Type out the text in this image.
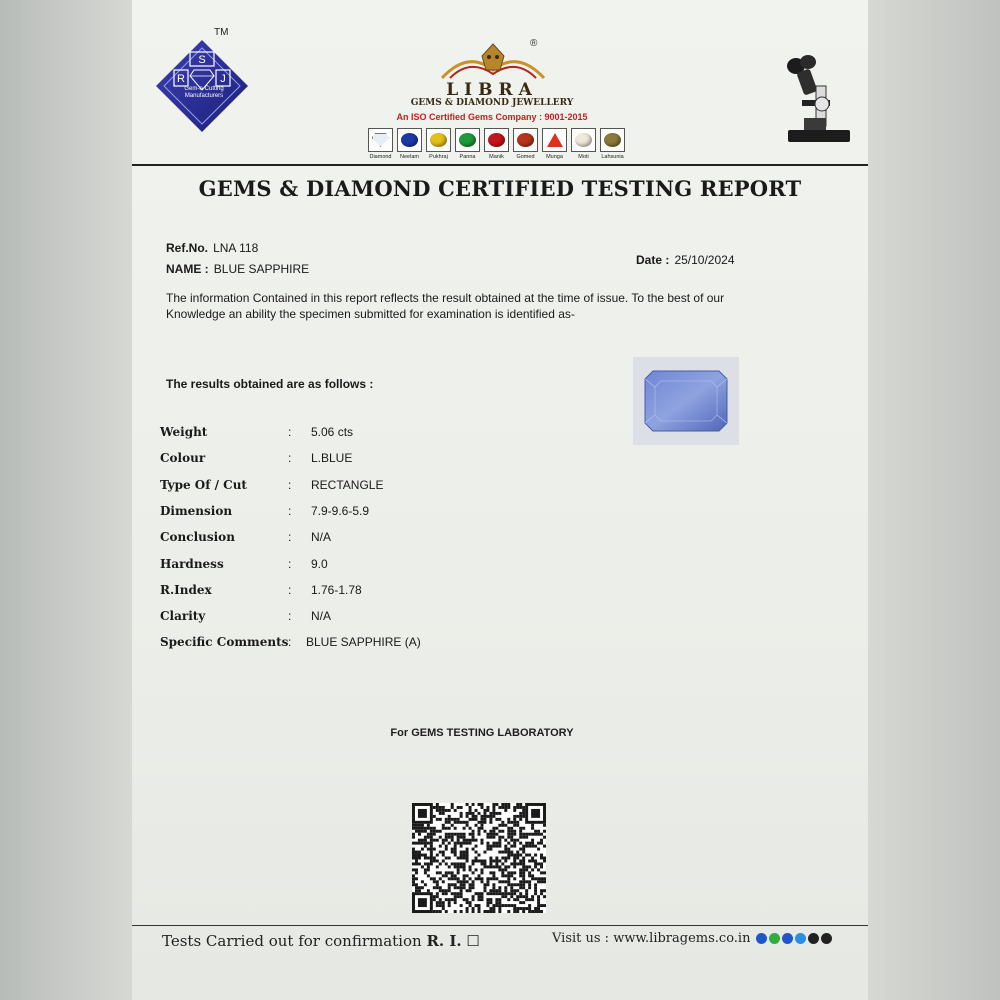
TM
S
R	J
Gem-n-Cutting
Manufacturers
®
LIBRA
GEMS & DIAMOND JEWELLERY
An ISO Certified Gems Company : 9001-2015
Diamond Neelam Pukhraj Panna Manik Gomed Munga	Moti Lahsunia
GEMS & DIAMOND CERTIFIED TESTING REPORT
Ref.No. LNA 118
NAME : BLUE SAPPHIRE
Date : 25/10/2024
The information Contained in this report reflects the result obtained at the time of issue. To the best of our Knowledge an ability the specimen submitted for examination is identified as-
The results obtained are as follows :
Weight	: 5.06 cts
Colour	: L.BLUE
Type Of / Cut	: RECTANGLE
Dimension	: 7.9-9.6-5.9
Conclusion	: N/A
Hardness	: 9.0
R.Index	: 1.76-1.78
Clarity	: N/A
Specific Comments : BLUE SAPPHIRE (A)
For GEMS TESTING LABORATORY
Tests Carried out for confirmation R. I. ☐	Visit us : www.libragems.co.in
